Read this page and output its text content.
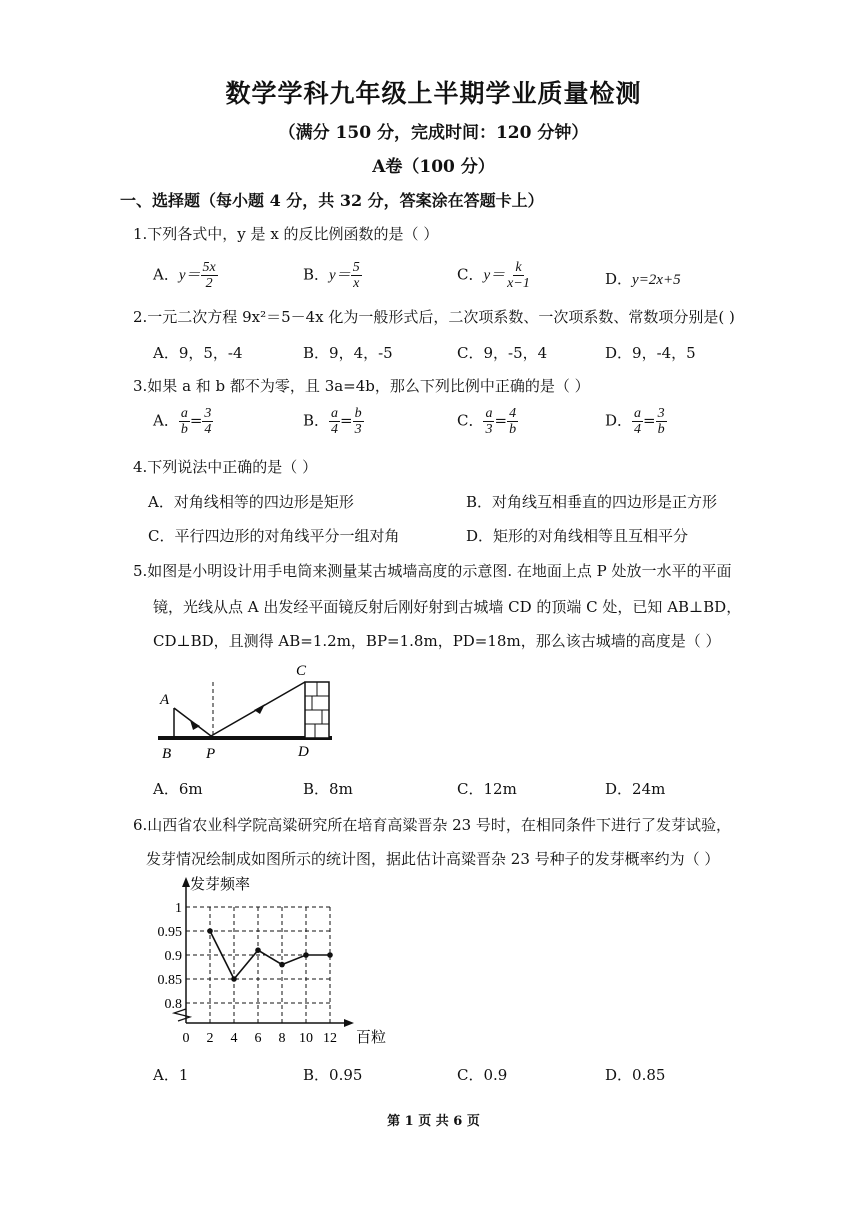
数学学科九年级上半期学业质量检测
（满分 150 分，完成时间：120 分钟）
A卷（100 分）
一、选择题（每小题 4 分，共 32 分，答案涂在答题卡上）
1.下列各式中，y 是 x 的反比例函数的是（ ）
A．$y= \frac{5x}{2}$	B．$y= \frac{5}{x}$	C．$y= \frac{k}{x-1}$	D．y=2x+5
2.一元二次方程 9x²＝5－4x 化为一般形式后，二次项系数、一次项系数、常数项分别是( )
A．9，5，-4	B．9，4，-5	C．9，-5，4	D．9，-4，5
3.如果 a 和 b 都不为零，且 3a=4b，那么下列比例中正确的是（ ）
A． $\frac{a}{b} = \frac{3}{4}$	B． $\frac{a}{4} = \frac{b}{3}$	C． $\frac{a}{3} = \frac{4}{b}$	D． $\frac{a}{4} = \frac{3}{b}$
4.下列说法中正确的是（ ）
A．对角线相等的四边形是矩形	B．对角线互相垂直的四边形是正方形
C．平行四边形的对角线平分一组对角	D．矩形的对角线相等且互相平分
5.如图是小明设计用手电筒来测量某古城墙高度的示意图. 在地面上点 P 处放一水平的平面
镜，光线从点 A 出发经平面镜反射后刚好射到古城墙 CD 的顶端 C 处，已知 AB⊥BD，
CD⊥BD，且测得 AB=1.2m，BP=1.8m，PD=18m，那么该古城墙的高度是（ ）
A
B P
C
D
A．6m	B．8m	C．12m	D．24m
6.山西省农业科学院高粱研究所在培育高粱晋杂 23 号时，在相同条件下进行了发芽试验，
发芽情况绘制成如图所示的统计图，据此估计高粱晋杂 23 号种子的发芽概率约为（ ）
0.8
0.85
0.9
0.95
1
0 2 4 6 8 10 12
发芽频率
百粒
A．1	B．0.95	C．0.9	D．0.85
第 1 页 共 6 页
